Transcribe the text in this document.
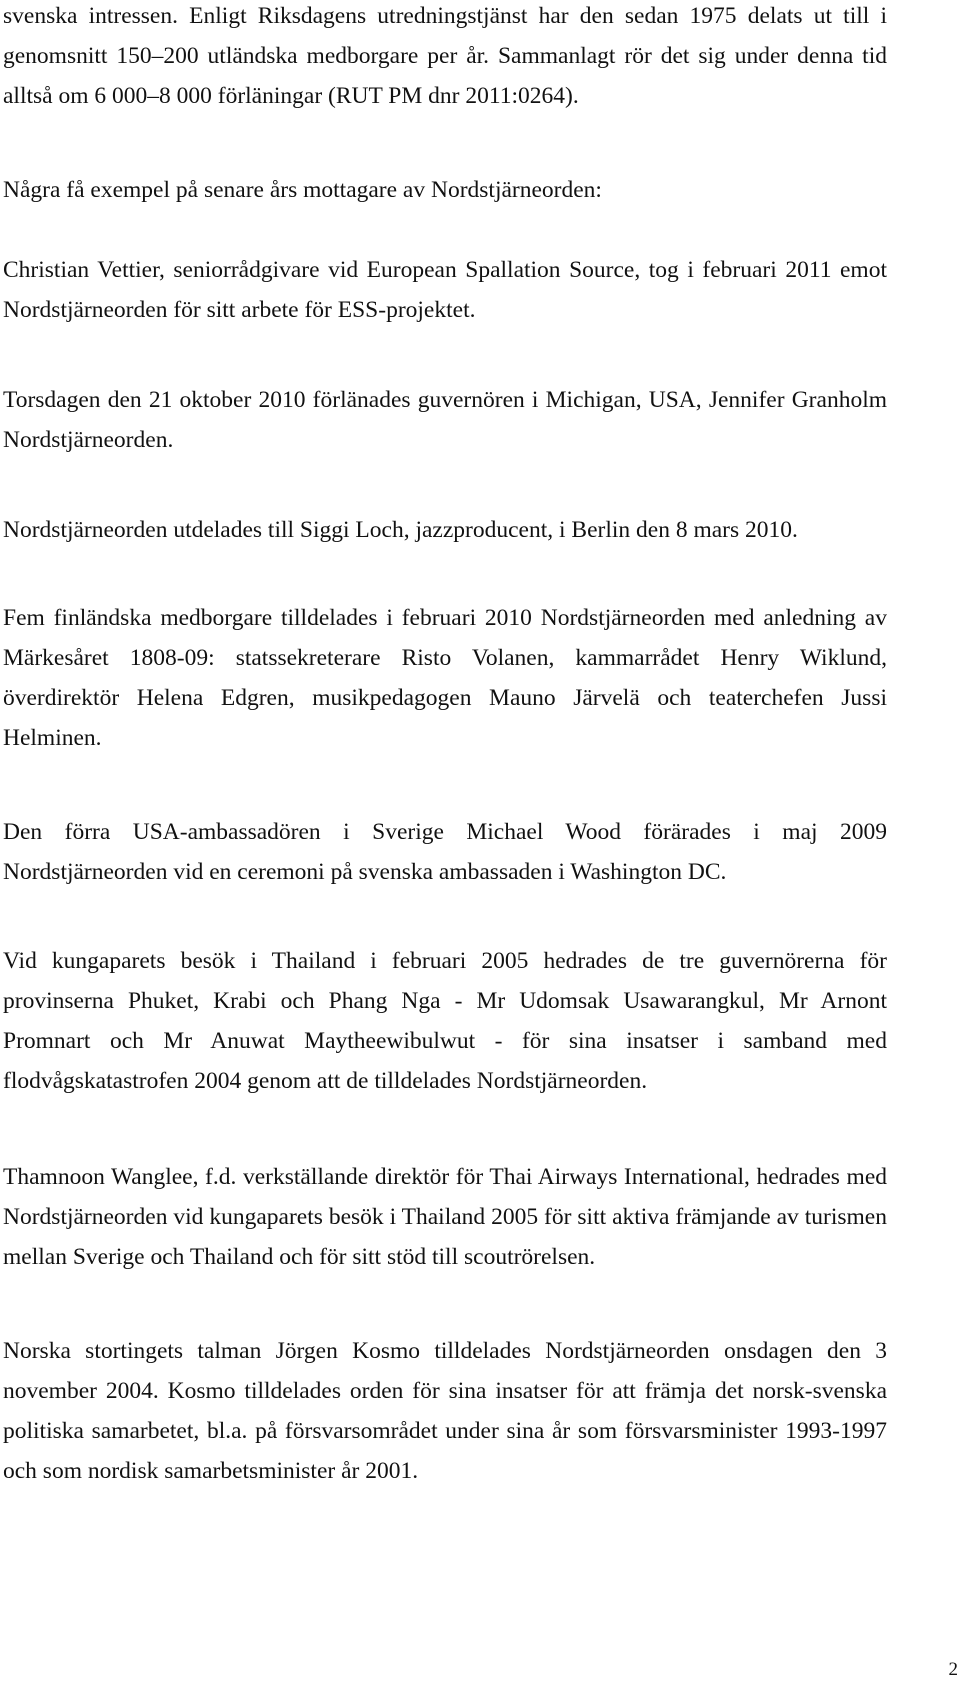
svenska intressen. Enligt Riksdagens utredningstjänst har den sedan 1975 delats ut till i genomsnitt 150–200 utländska medborgare per år. Sammanlagt rör det sig under denna tid alltså om 6 000–8 000 förläningar (RUT PM dnr 2011:0264).

Några få exempel på senare års mottagare av Nordstjärneorden:

Christian Vettier, seniorrådgivare vid European Spallation Source, tog i februari 2011 emot Nordstjärneorden för sitt arbete för ESS-projektet.

Torsdagen den 21 oktober 2010 förlänades guvernören i Michigan, USA, Jennifer Granholm Nordstjärneorden.

Nordstjärneorden utdelades till Siggi Loch, jazzproducent, i Berlin den 8 mars 2010.

Fem finländska medborgare tilldelades i februari 2010 Nordstjärneorden med anledning av Märkesåret 1808-09: statssekreterare Risto Volanen, kammarrådet Henry Wiklund, överdirektör Helena Edgren, musikpedagogen Mauno Järvelä och teaterchefen Jussi Helminen.

Den förra USA-ambassadören i Sverige Michael Wood förärades i maj 2009 Nordstjärneorden vid en ceremoni på svenska ambassaden i Washington DC.

Vid kungaparets besök i Thailand i februari 2005 hedrades de tre guvernörerna för provinserna Phuket, Krabi och Phang Nga - Mr Udomsak Usawarangkul, Mr Arnont Promnart och Mr Anuwat Maytheewibulwut - för sina insatser i samband med flodvågskatastrofen 2004 genom att de tilldelades Nordstjärneorden.

Thamnoon Wanglee, f.d. verkställande direktör för Thai Airways International, hedrades med Nordstjärneorden vid kungaparets besök i Thailand 2005 för sitt aktiva främjande av turismen mellan Sverige och Thailand och för sitt stöd till scoutrörelsen.

Norska stortingets talman Jörgen Kosmo tilldelades Nordstjärneorden onsdagen den 3 november 2004. Kosmo tilldelades orden för sina insatser för att främja det norsk-svenska politiska samarbetet, bl.a. på försvarsområdet under sina år som försvarsminister 1993-1997 och som nordisk samarbetsminister år 2001.

2
